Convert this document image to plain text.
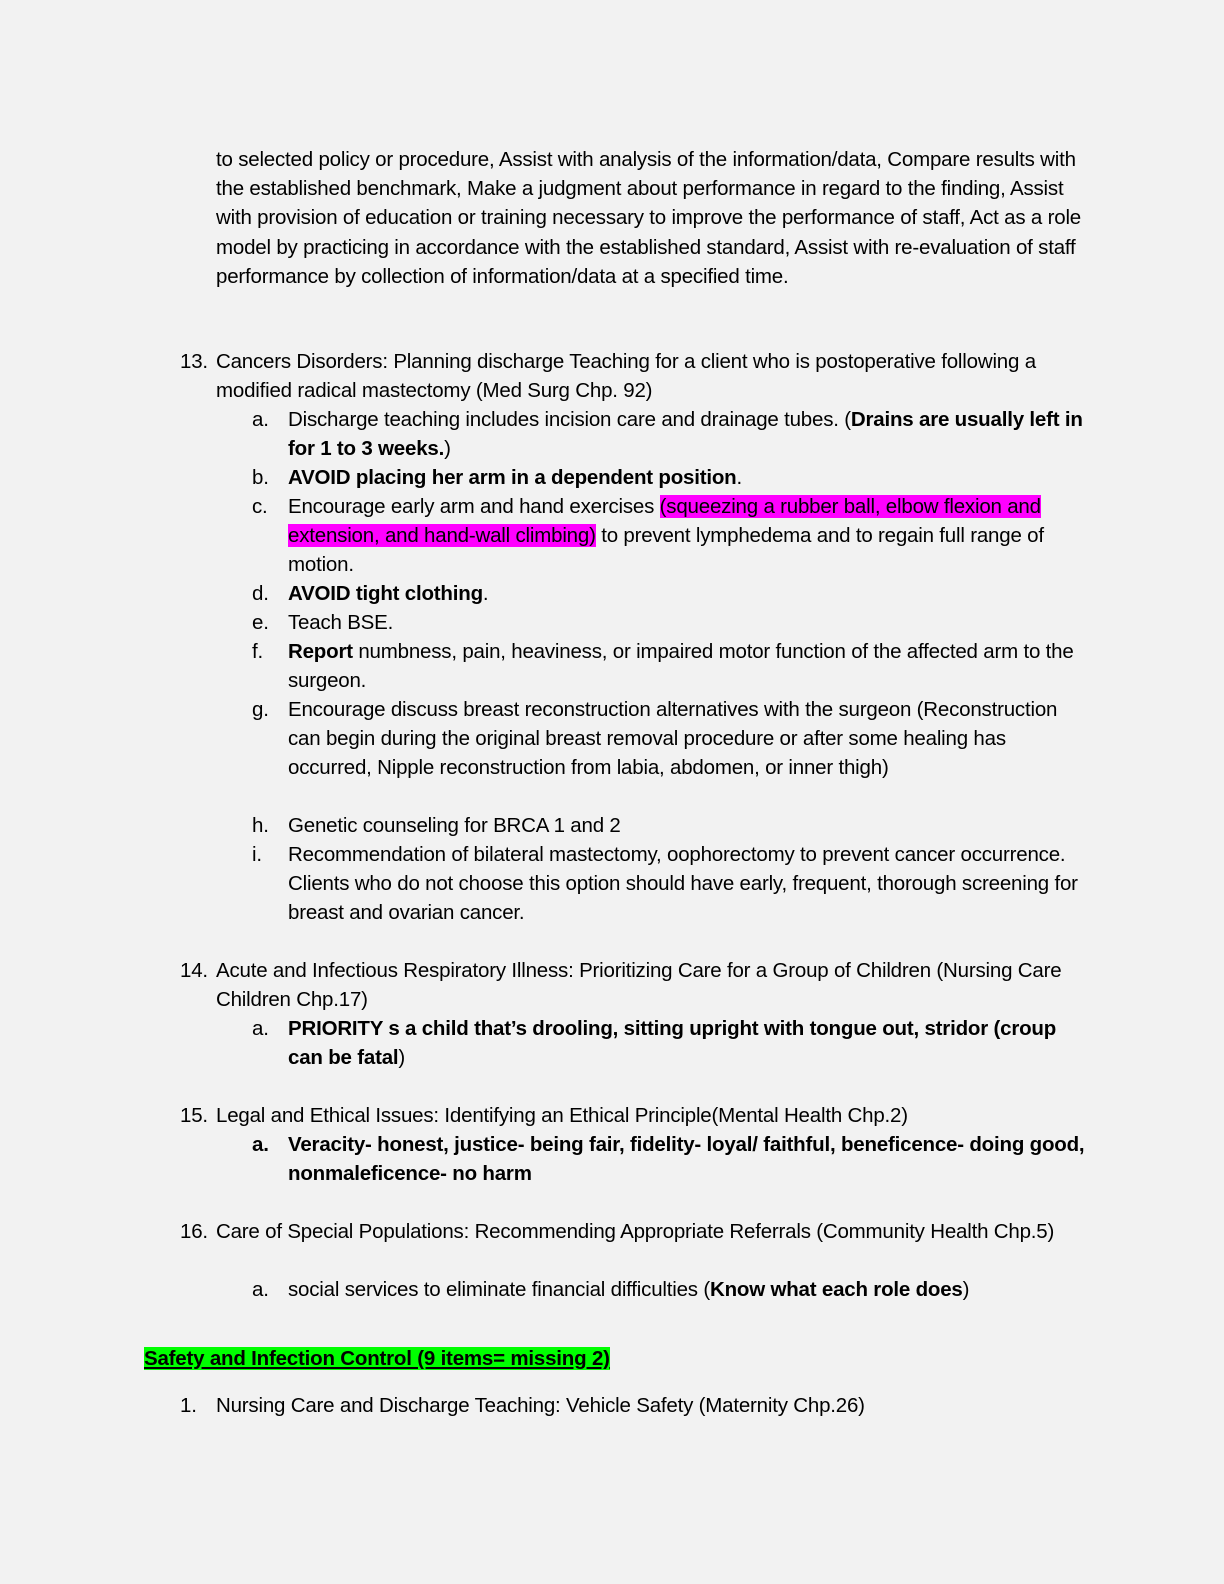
to selected policy or procedure, Assist with analysis of the information/data, Compare results with the established benchmark, Make a judgment about performance in regard to the finding, Assist with provision of education or training necessary to improve the performance of staff, Act as a role model by practicing in accordance with the established standard, Assist with re-evaluation of staff performance by collection of information/data at a specified time.
13. Cancers Disorders: Planning discharge Teaching for a client who is postoperative following a modified radical mastectomy (Med Surg Chp. 92)
a. Discharge teaching includes incision care and drainage tubes. (Drains are usually left in for 1 to 3 weeks.)
b. AVOID placing her arm in a dependent position.
c. Encourage early arm and hand exercises (squeezing a rubber ball, elbow flexion and extension, and hand-wall climbing) to prevent lymphedema and to regain full range of motion.
d. AVOID tight clothing.
e. Teach BSE.
f. Report numbness, pain, heaviness, or impaired motor function of the affected arm to the surgeon.
g. Encourage discuss breast reconstruction alternatives with the surgeon (Reconstruction can begin during the original breast removal procedure or after some healing has occurred, Nipple reconstruction from labia, abdomen, or inner thigh)
h. Genetic counseling for BRCA 1 and 2
i. Recommendation of bilateral mastectomy, oophorectomy to prevent cancer occurrence. Clients who do not choose this option should have early, frequent, thorough screening for breast and ovarian cancer.
14. Acute and Infectious Respiratory Illness: Prioritizing Care for a Group of Children (Nursing Care Children Chp.17)
a. PRIORITY s a child that’s drooling, sitting upright with tongue out, stridor (croup can be fatal)
15. Legal and Ethical Issues: Identifying an Ethical Principle(Mental Health Chp.2)
a. Veracity- honest, justice- being fair, fidelity- loyal/ faithful, beneficence- doing good, nonmaleficence- no harm
16. Care of Special Populations: Recommending Appropriate Referrals (Community Health Chp.5)
a. social services to eliminate financial difficulties (Know what each role does)
Safety and Infection Control (9 items= missing 2)
1. Nursing Care and Discharge Teaching: Vehicle Safety (Maternity Chp.26)
